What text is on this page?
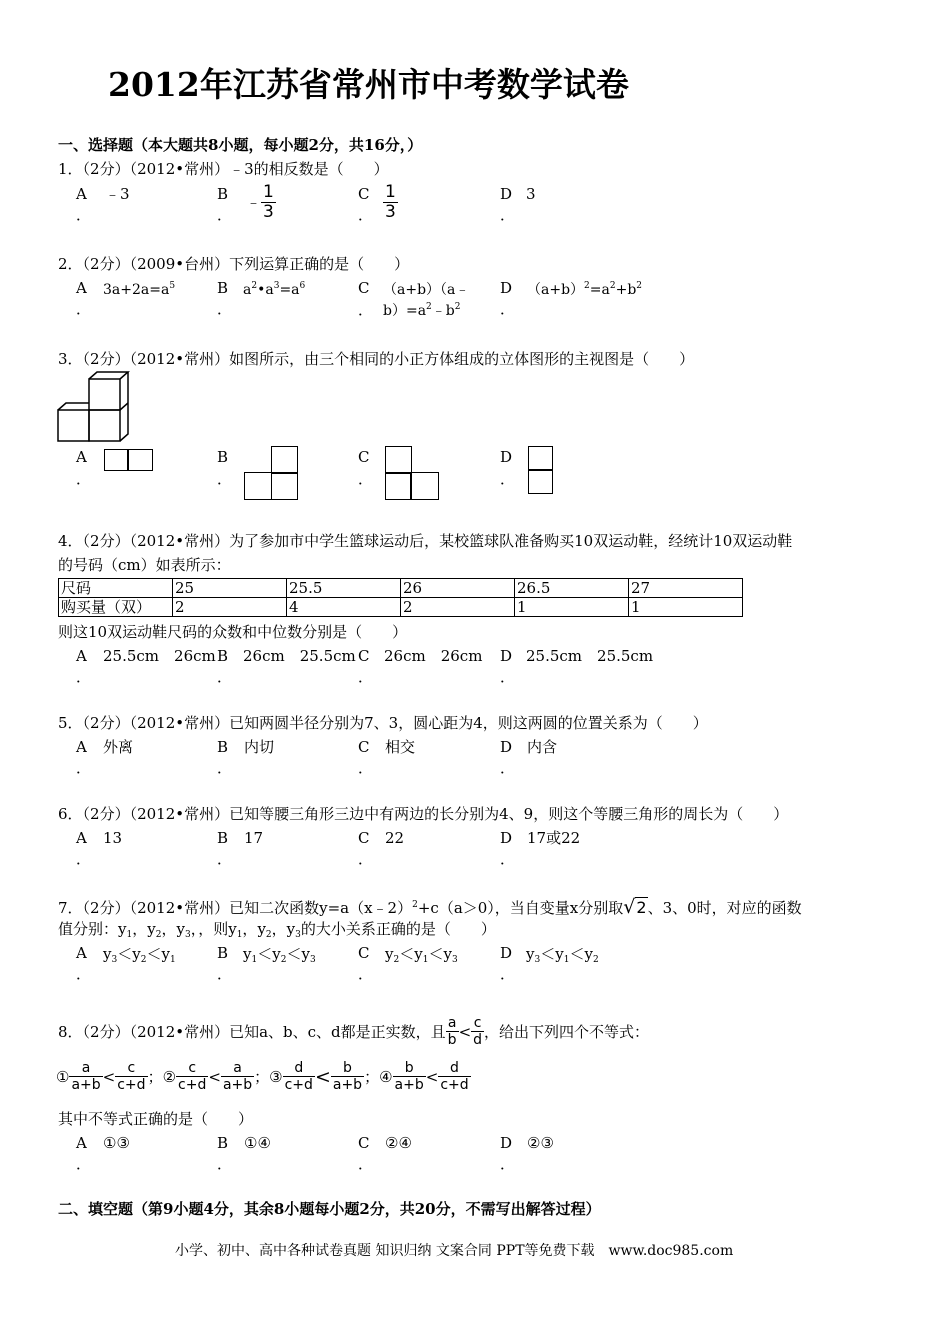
2012年江苏省常州市中考数学试卷
一、选择题（本大题共8小题，每小题2分，共16分，）
1．（2分）（2012•常州）﹣3的相反数是（　　）
A
．
﹣3	B
．
﹣ $\frac{1}{3}$	C
． $\frac{1}{3}$	D
．
3
2．（2分）（2009•台州）下列运算正确的是（　　）
A
．
$3a+2a=a^5$	B
．
$a^2•a^3=a^6$	C
．
（a+b）（a﹣
$b)=a^2﹣b^2$
D
．
$(a+b)^2=a^2+b^2$
3．（2分）（2012•常州）如图所示，由三个相同的小正方体组成的立体图形的主视图是（　　）
A
．
B
．
C
．
D
．
4．（2分）（2012•常州）为了参加市中学生篮球运动后，某校篮球队准备购买10双运动鞋，经统计10双运动鞋
的号码（cm）如表所示：
尺码	25	25.5	26	26.5	27
购买量（双）	2	4	2	1	1
则这10双运动鞋尺码的众数和中位数分别是（　　）
A
．
25.5cm　26cm B
．
26cm　25.5cm C
．
26cm　26cm D
．
25.5cm　25.5cm
5．（2分）（2012•常州）已知两圆半径分别为7、3，圆心距为4，则这两圆的位置关系为（　　）
A
．
外离	B
．
内切	C
．
相交	D
．
内含
6．（2分）（2012•常州）已知等腰三角形三边中有两边的长分别为4、9，则这个等腰三角形的周长为（　　）
A
．
13	B
．
17	C
．
22	D
．
17或22
7．（2分）（2012•常州）已知二次函数y=a（x﹣2）$^2$+c（a＞0），当自变量x分别取√2、3、0时，对应的函数
值分别：$y_1$，$y_2$，$y_3$，，则$y_1$，$y_2$，$y_3$的大小关系正确的是（　　）
A
．
$y_3<y_2<y_1$	B
．
$y_1<y_2<y_3$	C
．
$y_2<y_1<y_3$	D
．
$y_3<y_1<y_2$
8．（2分）（2012•常州）已知a、b、c、d都是正实数，且 $\frac{a}{b} < \frac{c}{d}$ ，给出下列四个不等式：
① $\frac{a}{a+b} < \frac{c}{c+d}$ ；② $\frac{c}{c+d} < \frac{a}{a+b}$ ；③ $\frac{d}{c+d} < \frac{b}{a+b}$ ；④ $\frac{b}{a+b} < \frac{d}{c+d}$
其中不等式正确的是（　　）
A
．
①③	B
．
①④	C
．
②④	D
．
②③
二、填空题（第9小题4分，其余8小题每小题2分，共20分，不需写出解答过程）
小学、初中、高中各种试卷真题 知识归纳 文案合同 PPT等免费下载　www.doc985.com
